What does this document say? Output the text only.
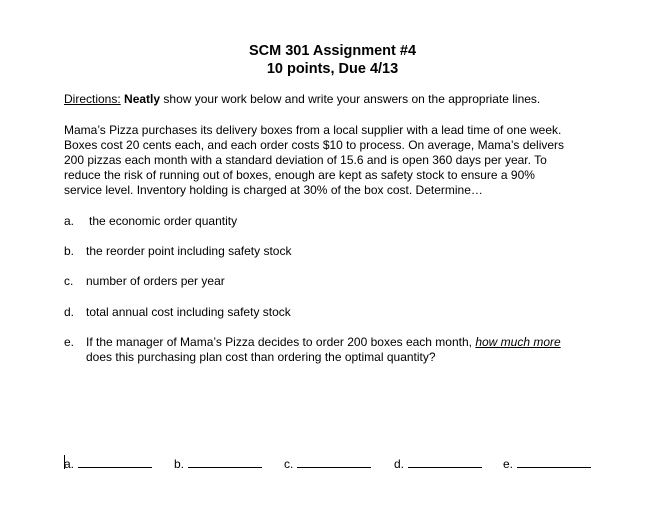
SCM 301 Assignment #4
10 points, Due 4/13
Directions: Neatly show your work below and write your answers on the appropriate lines.
Mama’s Pizza purchases its delivery boxes from a local supplier with a lead time of one week.
Boxes cost 20 cents each, and each order costs $10 to process. On average, Mama’s delivers
200 pizzas each month with a standard deviation of 15.6 and is open 360 days per year. To
reduce the risk of running out of boxes, enough are kept as safety stock to ensure a 90%
service level. Inventory holding is charged at 30% of the box cost. Determine…
a. the economic order quantity
b. the reorder point including safety stock
c. number of orders per year
d. total annual cost including safety stock
e. If the manager of Mama’s Pizza decides to order 200 boxes each month, how much more
does this purchasing plan cost than ordering the optimal quantity?
a.	b.	c.	d.	e.
